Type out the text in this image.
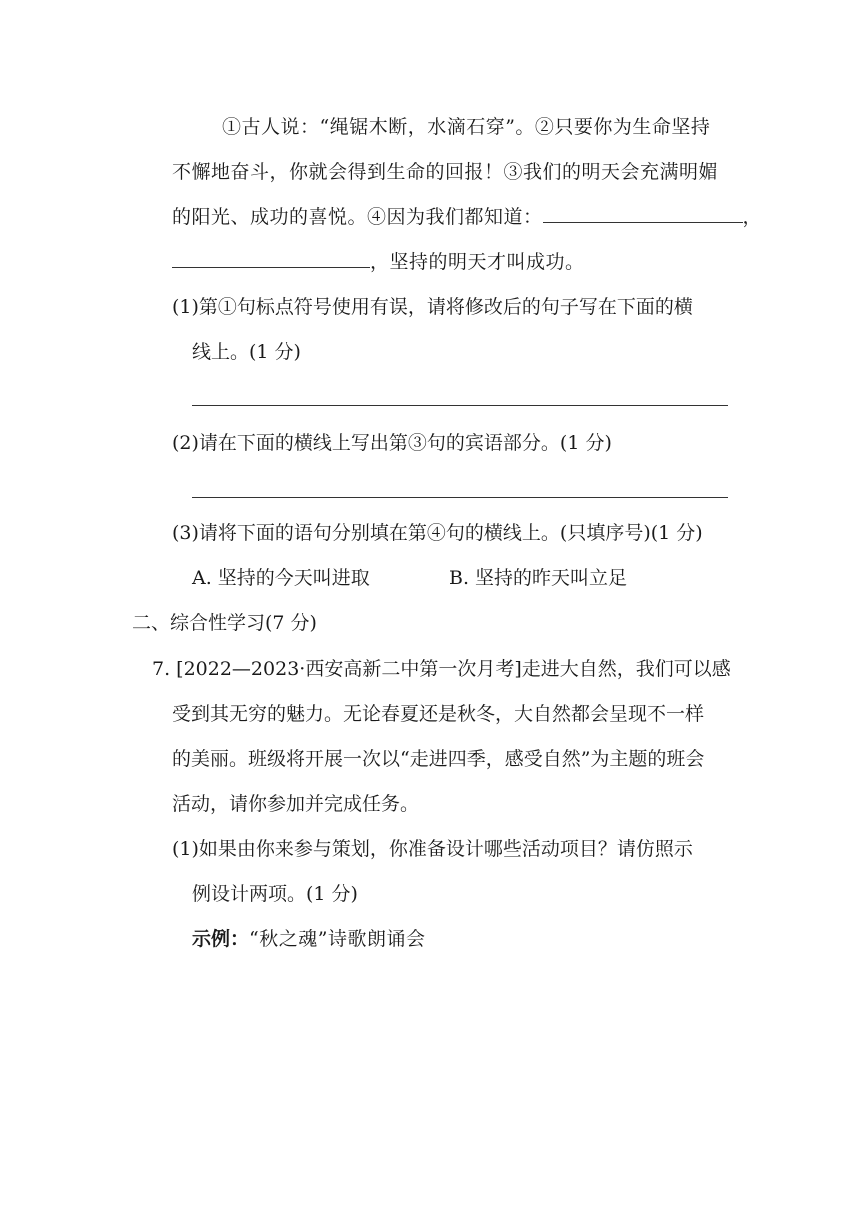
①古人说：“绳锯木断，水滴石穿”。②只要你为生命坚持
不懈地奋斗，你就会得到生命的回报！③我们的明天会充满明媚
的阳光、成功的喜悦。④因为我们都知道：	，
，坚持的明天才叫成功。
(1)第①句标点符号使用有误，请将修改后的句子写在下面的横
线上。(1 分)
(2)请在下面的横线上写出第③句的宾语部分。(1 分)
(3)请将下面的语句分别填在第④句的横线上。(只填序号)(1 分)
A. 坚持的今天叫进取	B. 坚持的昨天叫立足
二、综合性学习(7 分)
7. [2022—2023·西安高新二中第一次月考]走进大自然，我们可以感
受到其无穷的魅力。无论春夏还是秋冬，大自然都会呈现不一样
的美丽。班级将开展一次以“走进四季，感受自然”为主题的班会
活动，请你参加并完成任务。
(1)如果由你来参与策划，你准备设计哪些活动项目？请仿照示
例设计两项。(1 分)
示例：“秋之魂”诗歌朗诵会
